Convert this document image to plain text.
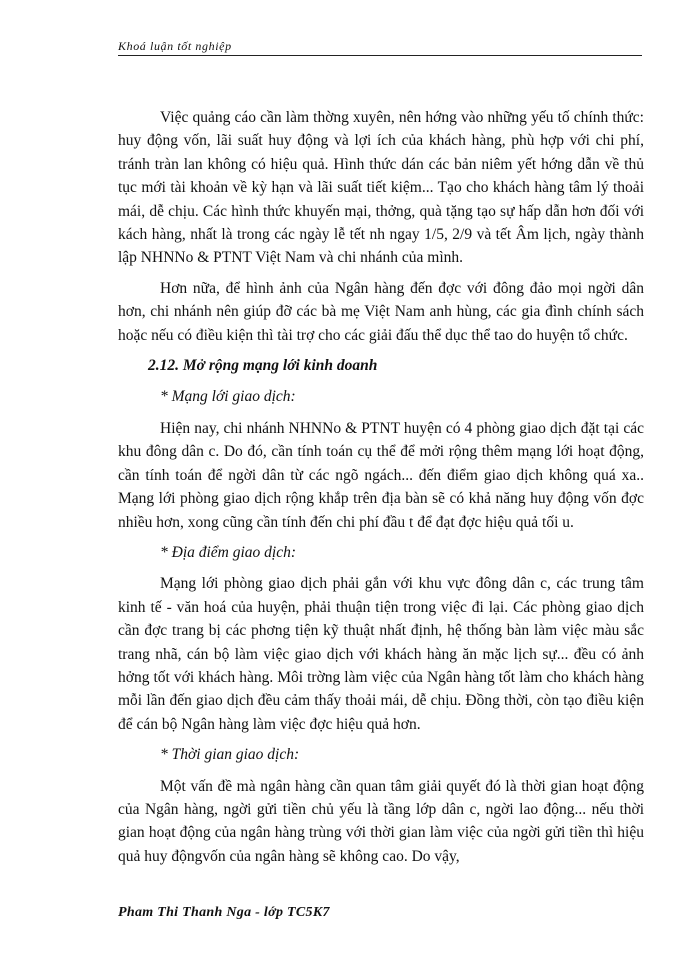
Khoá luận tốt nghiệp

Việc quảng cáo cần làm thờng xuyên, nên hớng vào những yếu tố chính thức: huy động vốn, lãi suất huy động và lợi ích của khách hàng, phù hợp với chi phí, tránh tràn lan không có hiệu quả. Hình thức dán các bản niêm yết hớng dẫn về thủ tục mới tài khoản về kỳ hạn và lãi suất tiết kiệm... Tạo cho khách hàng tâm lý thoải mái, dễ chịu. Các hình thức khuyến mại, thởng, quà tặng tạo sự hấp dẫn hơn đối với kách hàng, nhất là trong các ngày lễ tết nh ngay 1/5, 2/9 và tết Âm lịch, ngày thành lập NHNNo & PTNT Việt Nam và chi nhánh của mình.

Hơn nữa, để hình ảnh của Ngân hàng đến đợc với đông đảo mọi ngời dân hơn, chi nhánh nên giúp đỡ các bà mẹ Việt Nam anh hùng, các gia đình chính sách hoặc nếu có điều kiện thì tài trợ cho các giải đấu thể dục thể tao do huyện tổ chức.

2.12. Mở rộng mạng lới kinh doanh

* Mạng lới giao dịch:

Hiện nay, chi nhánh NHNNo & PTNT huyện có 4 phòng giao dịch đặt tại các khu đông dân c. Do đó, cần tính toán cụ thể để mởi rộng thêm mạng lới hoạt động, cần tính toán để ngời dân từ các ngõ ngách... đến điểm giao dịch không quá xa.. Mạng lới phòng giao dịch rộng khắp trên địa bàn sẽ có khả năng huy động vốn đợc nhiều hơn, xong cũng cần tính đến chi phí đầu t để đạt đợc hiệu quả tối u.

* Địa điểm giao dịch:

Mạng lới phòng giao dịch phải gắn với khu vực đông dân c, các trung tâm kinh tế - văn hoá của huyện, phải thuận tiện trong việc đi lại. Các phòng giao dịch cần đợc trang bị các phơng tiện kỹ thuật nhất định, hệ thống bàn làm việc màu sắc trang nhã, cán bộ làm việc giao dịch với khách hàng ăn mặc lịch sự... đều có ảnh hởng tốt với khách hàng. Môi trờng làm việc của Ngân hàng tốt làm cho khách hàng mỗi lần đến giao dịch đều cảm thấy thoải mái, dễ chịu. Đồng thời, còn tạo điều kiện để cán bộ Ngân hàng làm việc đợc hiệu quả hơn.

* Thời gian giao dịch:

Một vấn đề mà ngân hàng cần quan tâm giải quyết đó là thời gian hoạt động của Ngân hàng, ngời gửi tiền chủ yếu là tầng lớp dân c, ngời lao động... nếu thời gian hoạt động của ngân hàng trùng với thời gian làm việc của ngời gửi tiền thì hiệu quả huy độngvốn của ngân hàng sẽ không cao. Do vậy,

Pham Thi Thanh Nga - lớp TC5K7
